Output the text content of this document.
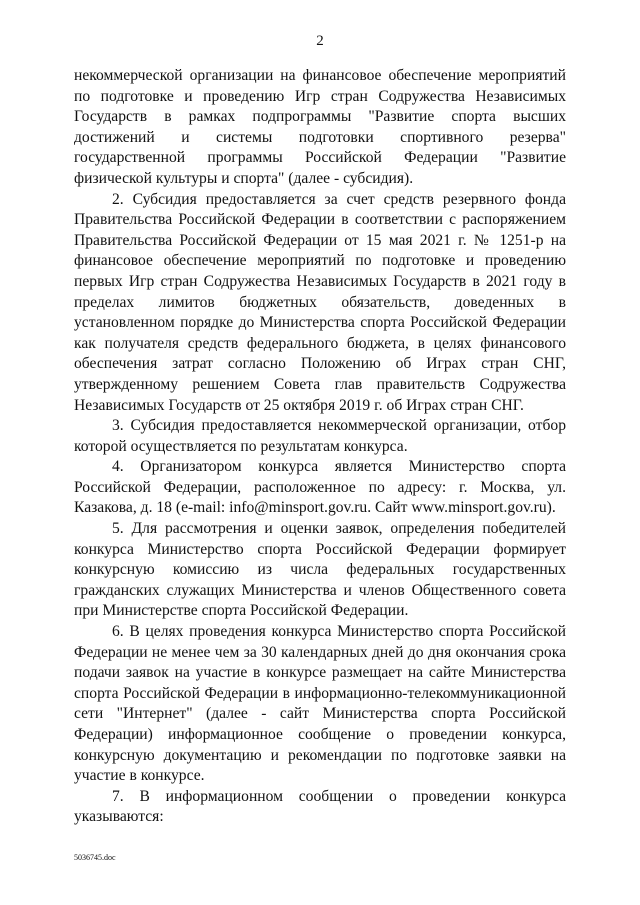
2

некоммерческой организации на финансовое обеспечение мероприятий по подготовке и проведению Игр стран Содружества Независимых Государств в рамках подпрограммы "Развитие спорта высших достижений и системы подготовки спортивного резерва" государственной программы Российской Федерации "Развитие физической культуры и спорта" (далее - субсидия).

2. Субсидия предоставляется за счет средств резервного фонда Правительства Российской Федерации в соответствии с распоряжением Правительства Российской Федерации от 15 мая 2021 г. № 1251-р на финансовое обеспечение мероприятий по подготовке и проведению первых Игр стран Содружества Независимых Государств в 2021 году в пределах лимитов бюджетных обязательств, доведенных в установленном порядке до Министерства спорта Российской Федерации как получателя средств федерального бюджета, в целях финансового обеспечения затрат согласно Положению об Играх стран СНГ, утвержденному решением Совета глав правительств Содружества Независимых Государств от 25 октября 2019 г. об Играх стран СНГ.

3. Субсидия предоставляется некоммерческой организации, отбор которой осуществляется по результатам конкурса.

4. Организатором конкурса является Министерство спорта Российской Федерации, расположенное по адресу: г. Москва, ул. Казакова, д. 18 (e-mail: info@minsport.gov.ru. Сайт www.minsport.gov.ru).

5. Для рассмотрения и оценки заявок, определения победителей конкурса Министерство спорта Российской Федерации формирует конкурсную комиссию из числа федеральных государственных гражданских служащих Министерства и членов Общественного совета при Министерстве спорта Российской Федерации.

6. В целях проведения конкурса Министерство спорта Российской Федерации не менее чем за 30 календарных дней до дня окончания срока подачи заявок на участие в конкурсе размещает на сайте Министерства спорта Российской Федерации в информационно-телекоммуникационной сети "Интернет" (далее - сайт Министерства спорта Российской Федерации) информационное сообщение о проведении конкурса, конкурсную документацию и рекомендации по подготовке заявки на участие в конкурсе.

7. В информационном сообщении о проведении конкурса указываются:

5036745.doc
